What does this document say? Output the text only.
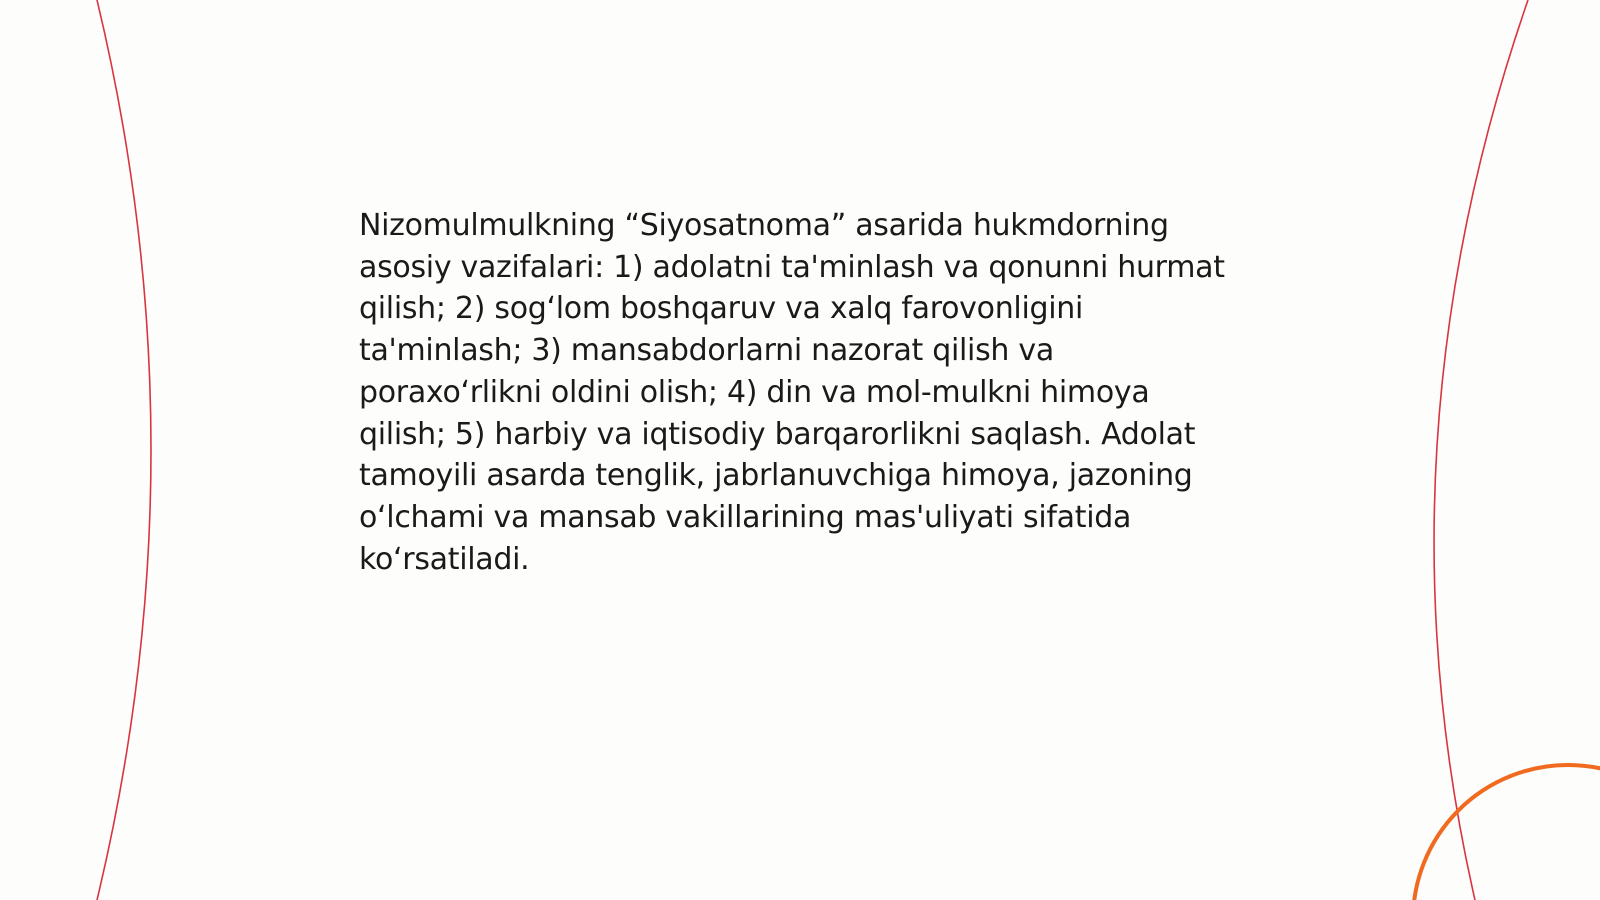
Nizomulmulkning “Siyosatnoma” asarida hukmdorning asosiy vazifalari: 1) adolatni ta'minlash va qonunni hurmat qilish; 2) sog‘lom boshqaruv va xalq farovonligini ta'minlash; 3) mansabdorlarni nazorat qilish va poraxo‘rlikni oldini olish; 4) din va mol-mulkni himoya qilish; 5) harbiy va iqtisodiy barqarorlikni saqlash. Adolat tamoyili asarda tenglik, jabrlanuvchiga himoya, jazoning o‘lchami va mansab vakillarining mas'uliyati sifatida ko‘rsatiladi.
